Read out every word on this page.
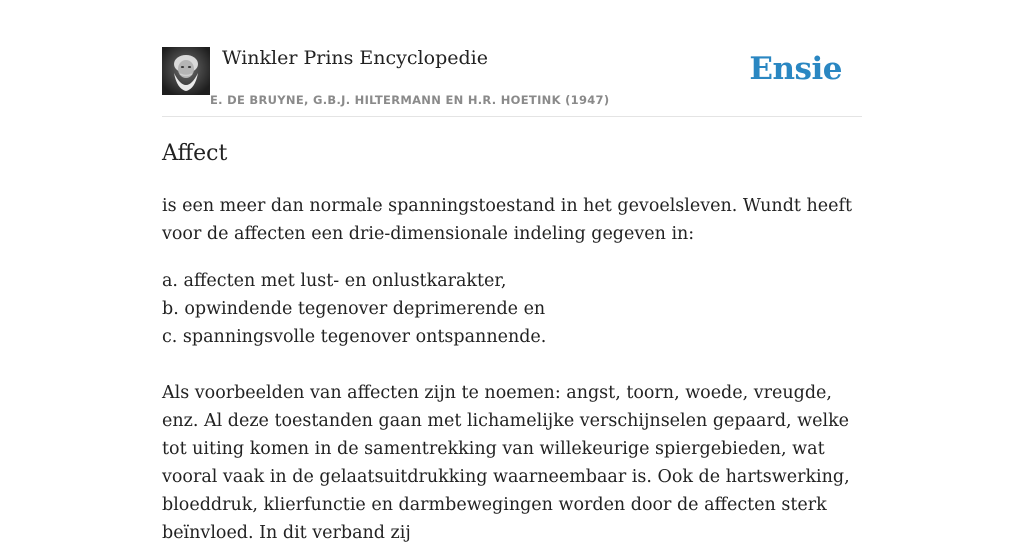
Winkler Prins Encyclopedie
E. DE BRUYNE, G.B.J. HILTERMANN EN H.R. HOETINK (1947)
Ensie
Affect

is een meer dan normale spanningstoestand in het gevoelsleven. Wundt heeft voor de affecten een drie-dimensionale indeling gegeven in:

a. affecten met lust- en onlustkarakter,
b. opwindende tegenover deprimerende en
c. spanningsvolle tegenover ontspannende.

Als voorbeelden van affecten zijn te noemen: angst, toorn, woede, vreugde, enz. Al deze toestanden gaan met lichamelijke verschijnselen gepaard, welke tot uiting komen in de samentrekking van willekeurige spiergebieden, wat vooral vaak in de gelaatsuitdrukking waarneembaar is. Ook de hartswerking, bloeddruk, klierfunctie en darmbewegingen worden door de affecten sterk beïnvloed. In dit verband zij
